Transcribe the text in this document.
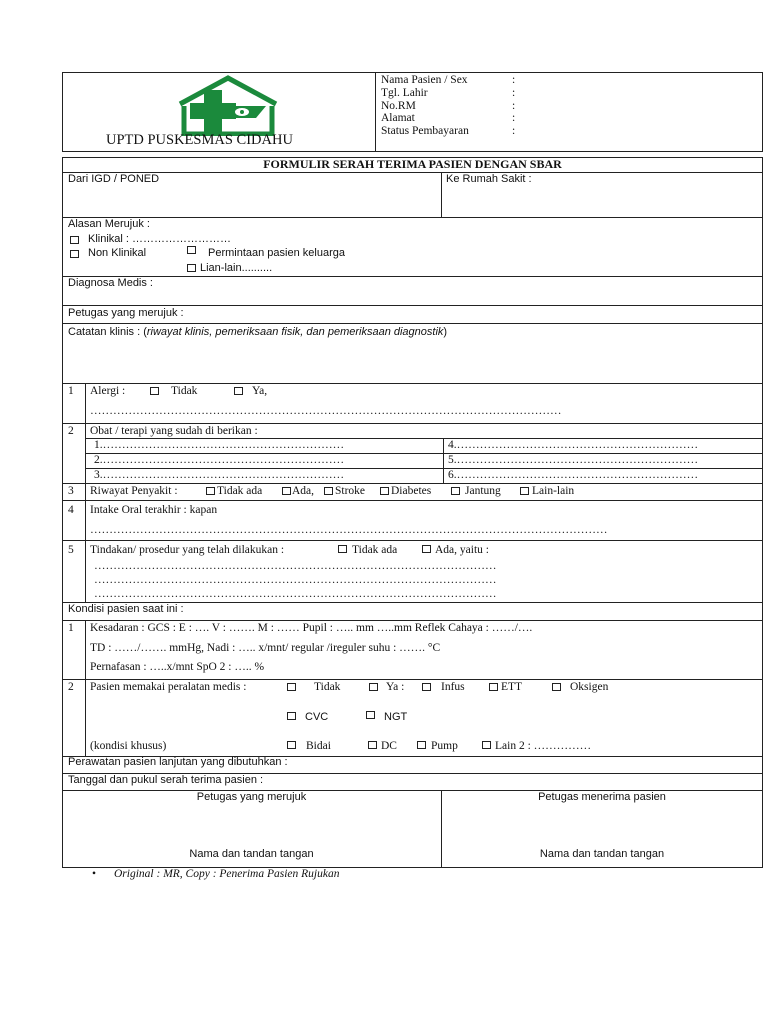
UPTD PUSKESMAS CIDAHU
Nama Pasien / Sex	:
Tgl. Lahir	:
No.RM	:
Alamat	:
Status Pembayaran	:
FORMULIR SERAH TERIMA PASIEN DENGAN SBAR
Dari IGD / PONED	Ke Rumah Sakit :
Alasan Merujuk :
Klinikal : ………………………
Non Klinikal	Permintaan pasien keluarga
Lian-lain..........
Diagnosa Medis :
Petugas yang merujuk :
Catatan klinis : (riwayat klinis, pemeriksaan fisik, dan pemeriksaan diagnostik)
1 Alergi :	Tidak	Ya,
……………………………………………………………………………………………………………
2 Obat / terapi yang sudah di berikan :
1.………………………………………………………	4.………………………………………………………
2.………………………………………………………	5.………………………………………………………
3.………………………………………………………	6.………………………………………………………
3 Riwayat Penyakit :	Tidak ada	Ada, Stroke Diabetes	Jantung	Lain-lain
4 Intake Oral terakhir : kapan
………………………………………………………………………………………………………………………
5 Tindakan/ prosedur yang telah dilakukan :	Tidak ada	Ada, yaitu :
……………………………………………………………………………………………
……………………………………………………………………………………………
……………………………………………………………………………………………
Kondisi pasien saat ini :
1 Kesadaran : GCS : E : …. V : ……. M : …… Pupil : ….. mm …..mm Reflek Cahaya : ……/….
TD : ……/……. mmHg, Nadi : ….. x/mnt/ regular /ireguler suhu : ……. °C
Pernafasan : …..x/mnt SpO 2 : ….. %
2 Pasien memakai peralatan medis :	Tidak	Ya :	Infus	ETT	Oksigen
CVC	NGT
(kondisi khusus)	Bidai	DC	Pump	Lain 2 : ……………
Perawatan pasien lanjutan yang dibutuhkan :
Tanggal dan pukul serah terima pasien :
Petugas yang merujuk	Petugas menerima pasien
Nama dan tandan tangan	Nama dan tandan tangan
• Original : MR, Copy : Penerima Pasien Rujukan
